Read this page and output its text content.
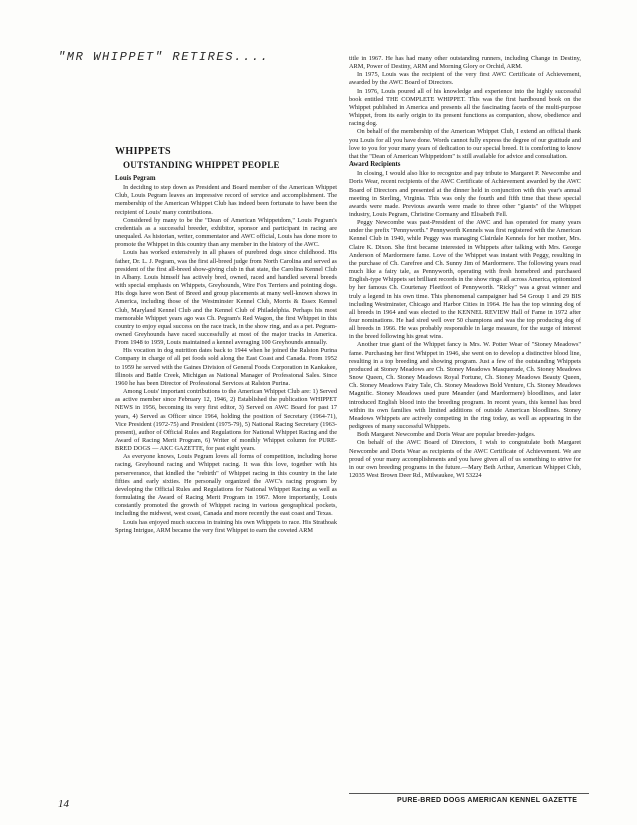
"MR WHIPPET" RETIRES....
WHIPPETS
OUTSTANDING WHIPPET PEOPLE
Louis Pegram

In deciding to step down as President and Board member of the American Whippet Club, Louis Pegram leaves an impressive record of service and accomplishment. The membership of the American Whippet Club has indeed been fortunate to have been the recipient of Louis' many contributions.

Considered by many to be the "Dean of American Whippetdom," Louis Pegram's credentials as a successful breeder, exhibitor, sponsor and participant in racing are unequaled. As historian, writer, commentator and AWC official, Louis has done more to promote the Whippet in this country than any member in the history of the AWC.

Louis has worked extensively in all phases of purebred dogs since childhood. His father, Dr. L. J. Pegram, was the first all-breed judge from North Carolina and served as president of the first all-breed show-giving club in that state, the Carolina Kennel Club in Albany. Louis himself has actively bred, owned, raced and handled several breeds with special emphasis on Whippets, Greyhounds, Wire Fox Terriers and pointing dogs. His dogs have won Best of Breed and group placements at many well-known shows in America, including those of the Westminster Kennel Club, Morris & Essex Kennel Club, Maryland Kennel Club and the Kennel Club of Philadelphia. Perhaps his most memorable Whippet years ago was Ch. Pegram's Red Wagon, the first Whippet in this country to enjoy equal success on the race track, in the show ring, and as a pet. Pegram-owned Greyhounds have raced successfully at most of the major tracks in America. From 1948 to 1959, Louis maintained a kennel averaging 100 Greyhounds annually.

His vocation in dog nutrition dates back to 1944 when he joined the Ralston Purina Company in charge of all pet foods sold along the East Coast and Canada. From 1952 to 1959 he served with the Gaines Division of General Foods Corporation in Kankakee, Illinois and Battle Creek, Michigan as National Manager of Professional Sales. Since 1960 he has been Director of Professional Services at Ralston Purina.

Among Louis' important contributions to the American Whippet Club are: 1) Served as active member since February 12, 1946, 2) Established the publication WHIPPET NEWS in 1956, becoming its very first editor, 3) Served on AWC Board for past 17 years, 4) Served as Officer since 1964, holding the position of Secretary (1964-71), Vice President (1972-75) and President (1975-79), 5) National Racing Secretary (1963-present), author of Official Rules and Regulations for National Whippet Racing and the Award of Racing Merit Program, 6) Writer of monthly Whippet column for PURE-BRED DOGS — AKC GAZETTE, for past eight years.

As everyone knows, Louis Pegram loves all forms of competition, including horse racing, Greyhound racing and Whippet racing. It was this love, together with his perserverance, that kindled the "rebirth" of Whippet racing in this country in the late fifties and early sixties. He personally organized the AWC's racing program by developing the Official Rules and Regulations for National Whippet Racing as well as formulating the Award of Racing Merit Program in 1967. More importantly, Louis constantly promoted the growth of Whippet racing in various geographical pockets, including the midwest, west coast, Canada and more recently the east coast and Texas.

Louis has enjoyed much success in training his own Whippets to race. His Strathoak Spring Intrigue, ARM became the very first Whippet to earn the coveted ARM

title in 1967. He has had many other outstanding runners, including Change in Destiny, ARM, Power of Destiny, ARM and Morning Glory or Orchid, ARM.

In 1975, Louis was the recipient of the very first AWC Certificate of Achievement, awarded by the AWC Board of Directors.

In 1976, Louis poured all of his knowledge and experience into the highly successful book entitled THE COMPLETE WHIPPET. This was the first hardbound book on the Whippet published in America and presents all the fascinating facets of the multi-purpose Whippet, from its early origin to its present functions as companion, show, obedience and racing dog.

On behalf of the membership of the American Whippet Club, I extend an official thank you Louis for all you have done. Words cannot fully express the degree of our gratitude and love to you for your many years of dedication to our special breed. It is comforting to know that the "Dean of American Whippetdom" is still available for advice and consultation.

Award Recipients

In closing, I would also like to recognize and pay tribute to Margaret P. Newcombe and Doris Wear, recent recipients of the AWC Certificate of Achievement awarded by the AWC Board of Directors and presented at the dinner held in conjunction with this year's annual meeting in Sterling, Virginia. This was only the fourth and fifth time that these special awards were made. Previous awards were made to three other "giants" of the Whippet industry, Louis Pegram, Christine Cormany and Elisabeth Fell.

Peggy Newcombe was past-President of the AWC and has operated for many years under the prefix "Pennyworth." Pennyworth Kennels was first registered with the American Kennel Club in 1940, while Peggy was managing Clairdale Kennels for her mother, Mrs. Claire K. Dixon. She first became interested in Whippets after talking with Mrs. George Anderson of Mardormere fame. Love of the Whippet was instant with Peggy, resulting in the purchase of Ch. Carefree and Ch. Sunny Jim of Mardormere. The following years read much like a fairy tale, as Pennyworth, operating with fresh homebred and purchased English-type Whippets set brilliant records in the show rings all across America, epitomized by her famous Ch. Courtenay Fleetfoot of Pennyworth. "Ricky" was a great winner and truly a legend in his own time. This phenomenal campaigner had 54 Group 1 and 29 BIS including Westminster, Chicago and Harbor Cities in 1964. He has the top winning dog of all breeds in 1964 and was elected to the KENNEL REVIEW Hall of Fame in 1972 after four nominations. He had sired well over 50 champions and was the top producing dog of all breeds in 1966. He was probably responsible in large measure, for the surge of interest in the breed following his great wins.

Another true giant of the Whippet fancy is Mrs. W. Potter Wear of "Stoney Meadows" fame. Purchasing her first Whippet in 1946, she went on to develop a distinctive blood line, resulting in a top breeding and showing program. Just a few of the outstanding Whippets produced at Stoney Meadows are Ch. Stoney Meadows Masquerade, Ch. Stoney Meadows Snow Queen, Ch. Stoney Meadows Royal Fortune, Ch. Stoney Meadows Beauty Queen, Ch. Stoney Meadows Fairy Tale, Ch. Stoney Meadows Bold Venture, Ch. Stoney Meadows Magnific. Stoney Meadows used pure Meander (and Mardormere) bloodlines, and later introduced English blood into the breeding program. In recent years, this kennel has bred within its own families with limited additions of outside American bloodlines. Stoney Meadows Whippets are actively competing in the ring today, as well as appearing in the pedigrees of many successful Whippets.

Both Margaret Newcombe and Doris Wear are popular breeder-judges.

On behalf of the AWC Board of Directors, I wish to congratulate both Margaret Newcombe and Doris Wear as recipients of the AWC Certificate of Achievement. We are proud of your many accomplishments and you have given all of us something to strive for in our own breeding programs in the future.—Mary Beth Arthur, American Whippet Club, 12035 West Brown Deer Rd., Milwaukee, WI 53224

14	PURE-BRED DOGS AMERICAN KENNEL GAZETTE
